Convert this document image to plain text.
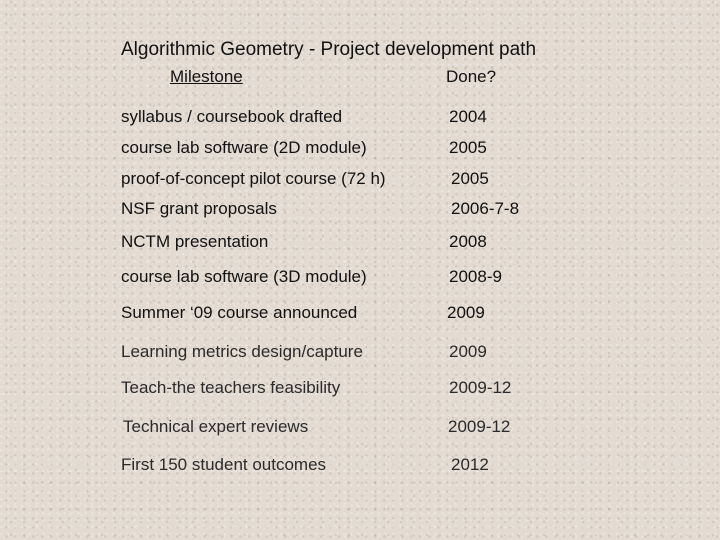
Algorithmic Geometry - Project development path
Milestone	Done?
syllabus / coursebook drafted	2004
course lab software (2D module)	2005
proof-of-concept pilot course (72 h)	2005
NSF grant proposals	2006-7-8
NCTM presentation	2008
course lab software (3D module)	2008-9
Summer ‘09 course announced	2009
Learning metrics design/capture	2009
Teach-the teachers feasibility	2009-12
Technical expert reviews	2009-12
First 150 student outcomes	2012
